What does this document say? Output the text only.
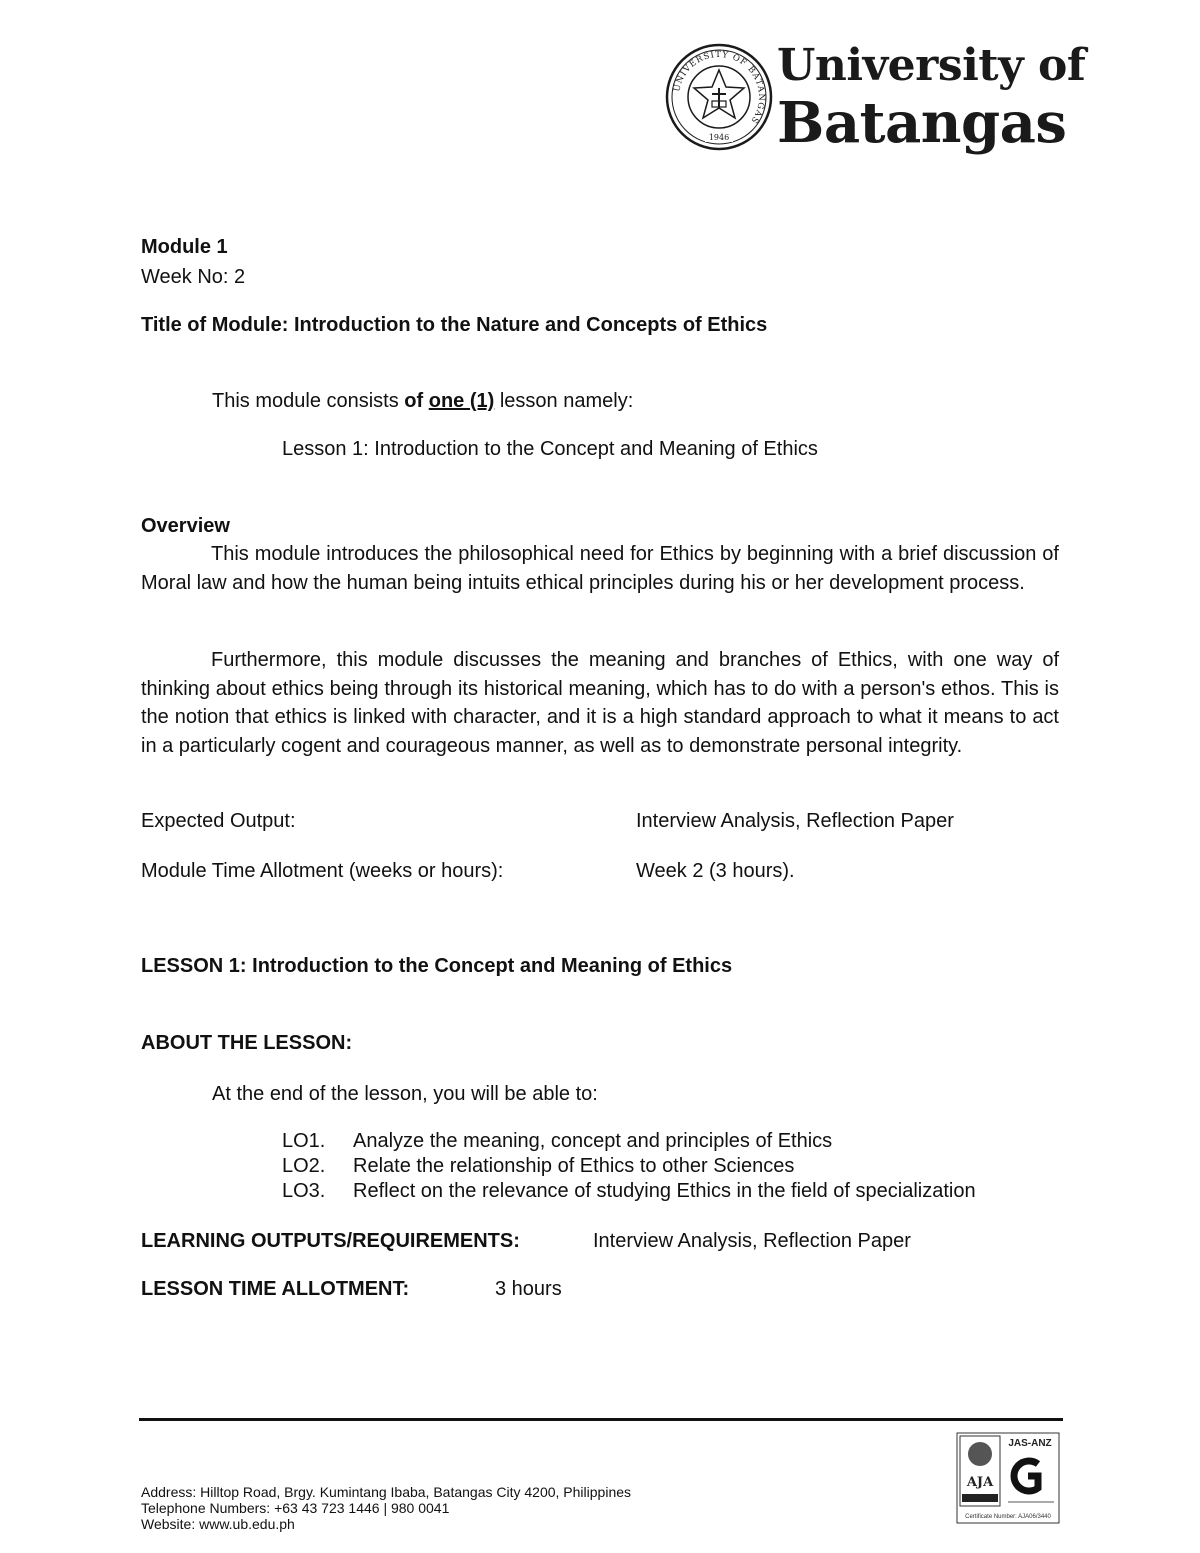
UNIVERSITY OF BATANGAS
1946
University of
Batangas
Module 1
Week No: 2
Title of Module: Introduction to the Nature and Concepts of Ethics
This module consists of one (1) lesson namely:
Lesson 1: Introduction to the Concept and Meaning of Ethics
Overview
This module introduces the philosophical need for Ethics by beginning with a brief discussion of Moral law and how the human being intuits ethical principles during his or her development process.
Furthermore, this module discusses the meaning and branches of Ethics, with one way of thinking about ethics being through its historical meaning, which has to do with a person's ethos. This is the notion that ethics is linked with character, and it is a high standard approach to what it means to act in a particularly cogent and courageous manner, as well as to demonstrate personal integrity.
Expected Output:	Interview Analysis, Reflection Paper
Module Time Allotment (weeks or hours):	Week 2 (3 hours).
LESSON 1: Introduction to the Concept and Meaning of Ethics
ABOUT THE LESSON:
At the end of the lesson, you will be able to:
LO1. Analyze the meaning, concept and principles of Ethics
LO2. Relate the relationship of Ethics to other Sciences
LO3. Reflect on the relevance of studying Ethics in the field of specialization
LEARNING OUTPUTS/REQUIREMENTS:	Interview Analysis, Reflection Paper
LESSON TIME ALLOTMENT:	3 hours
Address: Hilltop Road, Brgy. Kumintang Ibaba, Batangas City 4200, Philippines
Telephone Numbers: +63 43 723 1446 | 980 0041
Website: www.ub.edu.ph
AJA
JAS-ANZ
Certificate Number: AJA06/3440
